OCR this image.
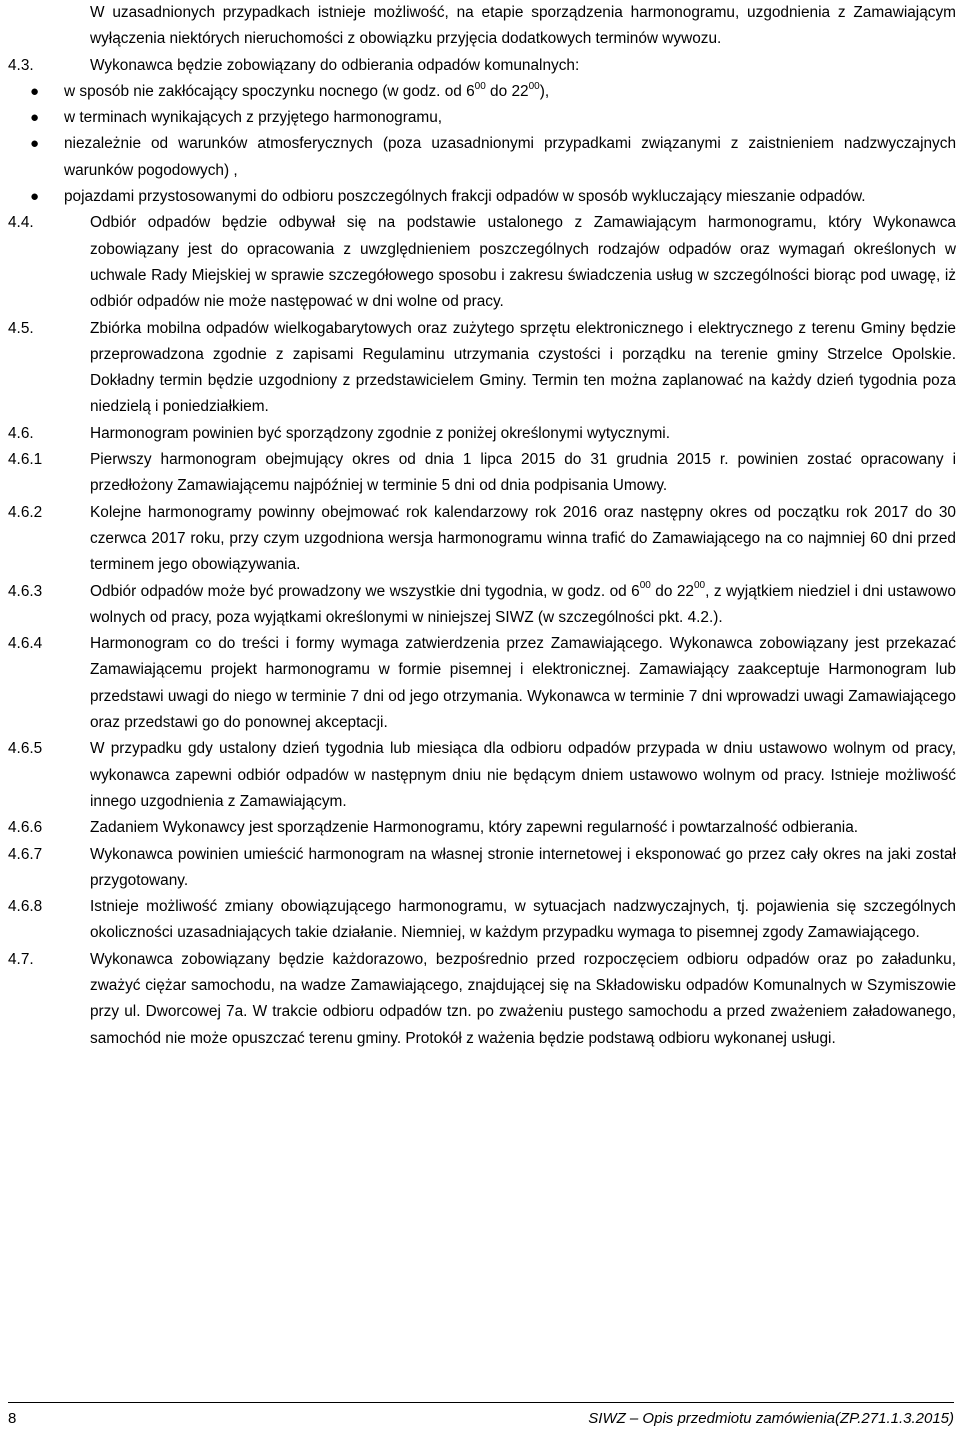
W uzasadnionych przypadkach istnieje możliwość, na etapie sporządzenia harmonogramu, uzgodnienia z Zamawiającym wyłączenia niektórych nieruchomości z obowiązku przyjęcia dodatkowych terminów wywozu.
4.3.	Wykonawca będzie zobowiązany do odbierania odpadów komunalnych:
●	w sposób nie zakłócający spoczynku nocnego (w godz. od $6^{00}$ do $22^{00}$),
●	w terminach wynikających z przyjętego harmonogramu,
●	niezależnie od warunków atmosferycznych (poza uzasadnionymi przypadkami związanymi z zaistnieniem nadzwyczajnych warunków pogodowych) ,
●	pojazdami przystosowanymi do odbioru poszczególnych frakcji odpadów w sposób wykluczający mieszanie odpadów.
4.4.	Odbiór odpadów będzie odbywał się na podstawie ustalonego z Zamawiającym harmonogramu, który Wykonawca zobowiązany jest do opracowania z uwzględnieniem poszczególnych rodzajów odpadów oraz wymagań określonych w uchwale Rady Miejskiej w sprawie szczegółowego sposobu i zakresu świadczenia usług w szczególności biorąc pod uwagę, iż odbiór odpadów nie może następować w dni wolne od pracy.
4.5.	Zbiórka mobilna odpadów wielkogabarytowych oraz zużytego sprzętu elektronicznego i elektrycznego z terenu Gminy będzie przeprowadzona zgodnie z zapisami Regulaminu utrzymania czystości i porządku na terenie gminy Strzelce Opolskie. Dokładny termin będzie uzgodniony z przedstawicielem Gminy. Termin ten można zaplanować na każdy dzień tygodnia poza niedzielą i poniedziałkiem.
4.6.	Harmonogram powinien być sporządzony zgodnie z poniżej określonymi wytycznymi.
4.6.1	Pierwszy harmonogram obejmujący okres od dnia 1 lipca 2015 do 31 grudnia 2015 r. powinien zostać opracowany i przedłożony Zamawiającemu najpóźniej w terminie 5 dni od dnia podpisania Umowy.
4.6.2	Kolejne harmonogramy powinny obejmować rok kalendarzowy rok 2016 oraz następny okres od początku rok 2017 do 30 czerwca 2017 roku, przy czym uzgodniona wersja harmonogramu winna trafić do Zamawiającego na co najmniej 60 dni przed terminem jego obowiązywania.
4.6.3	Odbiór odpadów może być prowadzony we wszystkie dni tygodnia, w godz. od $6^{00}$ do $22^{00}$, z wyjątkiem niedziel i dni ustawowo wolnych od pracy, poza wyjątkami określonymi w niniejszej SIWZ (w szczególności pkt. 4.2.).
4.6.4	Harmonogram co do treści i formy wymaga zatwierdzenia przez Zamawiającego. Wykonawca zobowiązany jest przekazać Zamawiającemu projekt harmonogramu w formie pisemnej i elektronicznej. Zamawiający zaakceptuje Harmonogram lub przedstawi uwagi do niego w terminie 7 dni od jego otrzymania. Wykonawca w terminie 7 dni wprowadzi uwagi Zamawiającego oraz przedstawi go do ponownej akceptacji.
4.6.5	W przypadku gdy ustalony dzień tygodnia lub miesiąca dla odbioru odpadów przypada w dniu ustawowo wolnym od pracy, wykonawca zapewni odbiór odpadów w następnym dniu nie będącym dniem ustawowo wolnym od pracy. Istnieje możliwość innego uzgodnienia z Zamawiającym.
4.6.6	Zadaniem Wykonawcy jest sporządzenie Harmonogramu, który zapewni regularność i powtarzalność odbierania.
4.6.7	Wykonawca powinien umieścić harmonogram na własnej stronie internetowej i eksponować go przez cały okres na jaki został przygotowany.
4.6.8	Istnieje możliwość zmiany obowiązującego harmonogramu, w sytuacjach nadzwyczajnych, tj. pojawienia się szczególnych okoliczności uzasadniających takie działanie. Niemniej, w każdym przypadku wymaga to pisemnej zgody Zamawiającego.
4.7.	Wykonawca zobowiązany będzie każdorazowo, bezpośrednio przed rozpoczęciem odbioru odpadów oraz po załadunku, zważyć ciężar samochodu, na wadze Zamawiającego, znajdującej się na Składowisku odpadów Komunalnych w Szymiszowie przy ul. Dworcowej 7a. W trakcie odbioru odpadów tzn. po zważeniu pustego samochodu a przed zważeniem załadowanego, samochód nie może opuszczać terenu gminy. Protokół z ważenia będzie podstawą odbioru wykonanej usługi.
8	SIWZ – Opis przedmiotu zamówienia(ZP.271.1.3.2015)
